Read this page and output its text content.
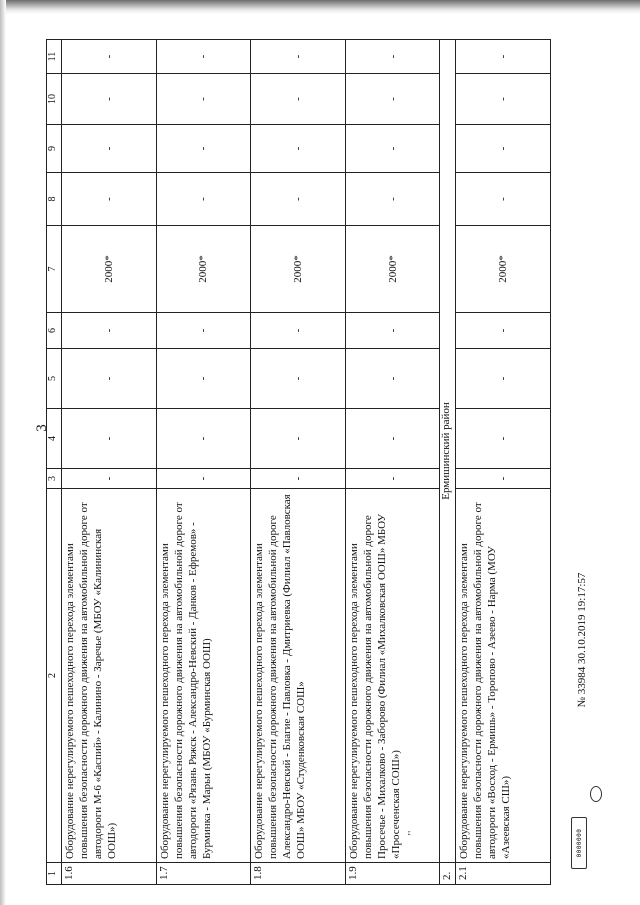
3
1	2	3	4	5	6	7	8	9	10	11
1.6	Оборудование нерегулируемого пешеходного перехода элементами повышения безопасности дорожного движения на автомобильной дороге от автодороги М-6 «Каспий» - Калинино - Заречье (МБОУ «Калининская ООШ»)	-	-	-	-	2000*	-	-	-	-
1.7	Оборудование нерегулируемого пешеходного перехода элементами повышения безопасности дорожного движения на автомобильной дороге от автодороги «Рязань Ряжск - Александро-Невский - Данков - Ефремов» - Бурминка - Марьи (МБОУ «Бурминская ООШ)	-	-	-	-	2000*	-	-	-	-
1.8	Оборудование нерегулируемого пешеходного перехода элементами повышения безопасности дорожного движения на автомобильной дороге Александро-Невский - Благие - Павловка - Дмитриевка (Филиал «Павловская ООШ» МБОУ «Студенковская СОШ»	-	-	-	-	2000*	-	-	-	-
1.9	Оборудование нерегулируемого пешеходного перехода элементами повышения безопасности дорожного движения на автомобильной дороге Просечье - Михалково - Заборово (Филиал «Михалковская ООШ» МБОУ «Просеченская СОШ»)	-	-	-	-	2000*	-	-	-	-
2.	Ермишинский район									
2.1	Оборудование нерегулируемого пешеходного перехода элементами повышения безопасности дорожного движения на автомобильной дороге от автодороги «Восход - Ермишь» - Торопово - Азеево - Нарма (МОУ «Азеевская СШ»)	-	-	-	-	2000*	-	-	-	-
№ 33984 30.10.2019 19:17:57
0000000
ʼ'
